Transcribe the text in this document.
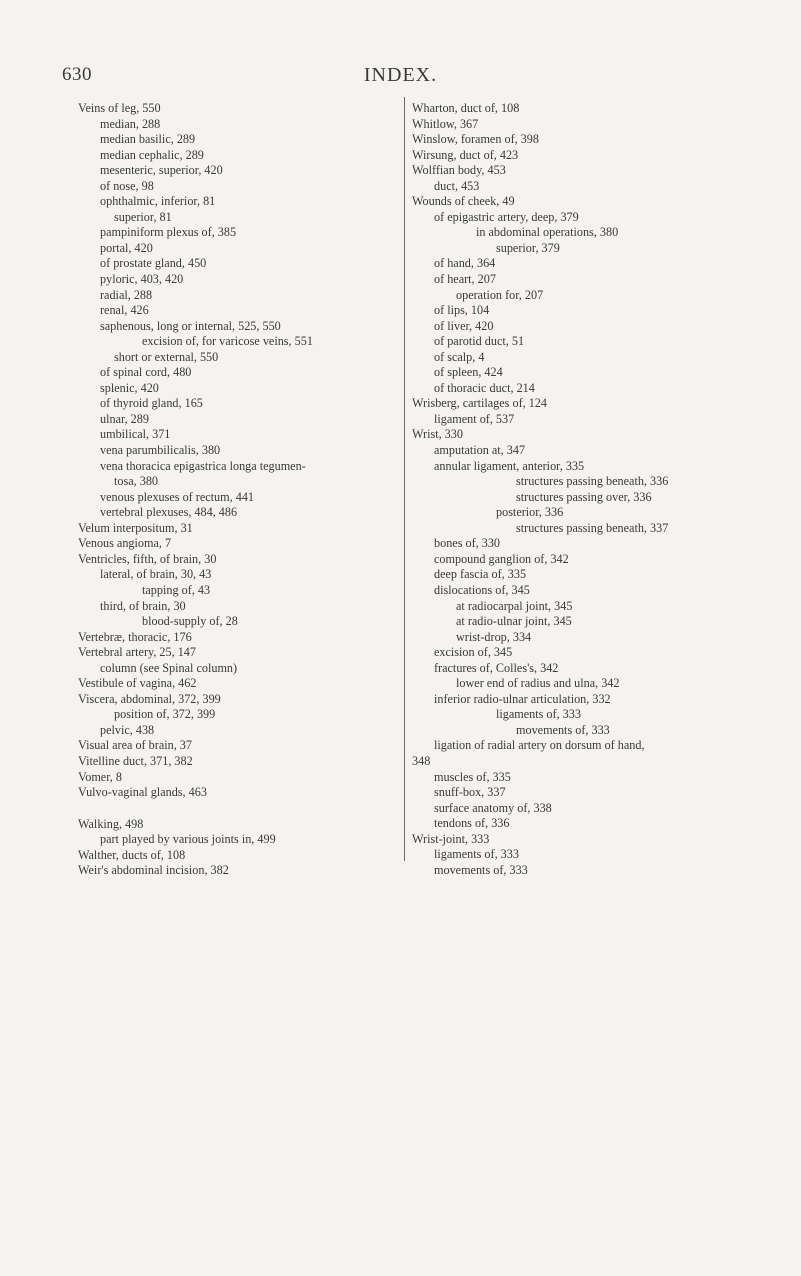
630	INDEX.
Veins of leg, 550
median, 288
median basilic, 289
median cephalic, 289
mesenteric, superior, 420
of nose, 98
ophthalmic, inferior, 81
superior, 81
pampiniform plexus of, 385
portal, 420
of prostate gland, 450
pyloric, 403, 420
radial, 288
renal, 426
saphenous, long or internal, 525, 550
excision of, for varicose veins, 551
short or external, 550
of spinal cord, 480
splenic, 420
of thyroid gland, 165
ulnar, 289
umbilical, 371
vena parumbilicalis, 380
vena thoracica epigastrica longa tegumen-
tosa, 380
venous plexuses of rectum, 441
vertebral plexuses, 484, 486
Velum interpositum, 31
Venous angioma, 7
Ventricles, fifth, of brain, 30
lateral, of brain, 30, 43
tapping of, 43
third, of brain, 30
blood-supply of, 28
Vertebræ, thoracic, 176
Vertebral artery, 25, 147
column (see Spinal column)
Vestibule of vagina, 462
Viscera, abdominal, 372, 399
position of, 372, 399
pelvic, 438
Visual area of brain, 37
Vitelline duct, 371, 382
Vomer, 8
Vulvo-vaginal glands, 463
Walking, 498
part played by various joints in, 499
Walther, ducts of, 108
Weir's abdominal incision, 382
Wharton, duct of, 108
Whitlow, 367
Winslow, foramen of, 398
Wirsung, duct of, 423
Wolffian body, 453
duct, 453
Wounds of cheek, 49
of epigastric artery, deep, 379
in abdominal operations, 380
superior, 379
of hand, 364
of heart, 207
operation for, 207
of lips, 104
of liver, 420
of parotid duct, 51
of scalp, 4
of spleen, 424
of thoracic duct, 214
Wrisberg, cartilages of, 124
ligament of, 537
Wrist, 330
amputation at, 347
annular ligament, anterior, 335
structures passing beneath, 336
structures passing over, 336
posterior, 336
structures passing beneath, 337
bones of, 330
compound ganglion of, 342
deep fascia of, 335
dislocations of, 345
at radiocarpal joint, 345
at radio-ulnar joint, 345
wrist-drop, 334
excision of, 345
fractures of, Colles's, 342
lower end of radius and ulna, 342
inferior radio-ulnar articulation, 332
ligaments of, 333
movements of, 333
ligation of radial artery on dorsum of hand,
348
muscles of, 335
snuff-box, 337
surface anatomy of, 338
tendons of, 336
Wrist-joint, 333
ligaments of, 333
movements of, 333
